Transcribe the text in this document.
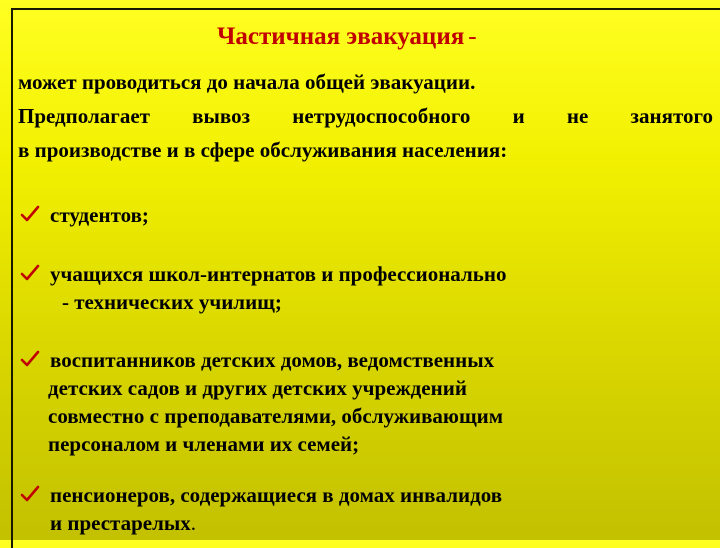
Частичная эвакуация -
может проводиться до начала общей эвакуации.
Предполагает вывоз нетрудоспособного и не занятого
в производстве и в сфере обслуживания населения:
студентов;
учащихся школ-интернатов и профессионально
- технических училищ;
воспитанников детских домов, ведомственных
детских садов и других детских учреждений
совместно с преподавателями, обслуживающим
персоналом и членами их семей;
пенсионеров, содержащиеся в домах инвалидов
и престарелых.
